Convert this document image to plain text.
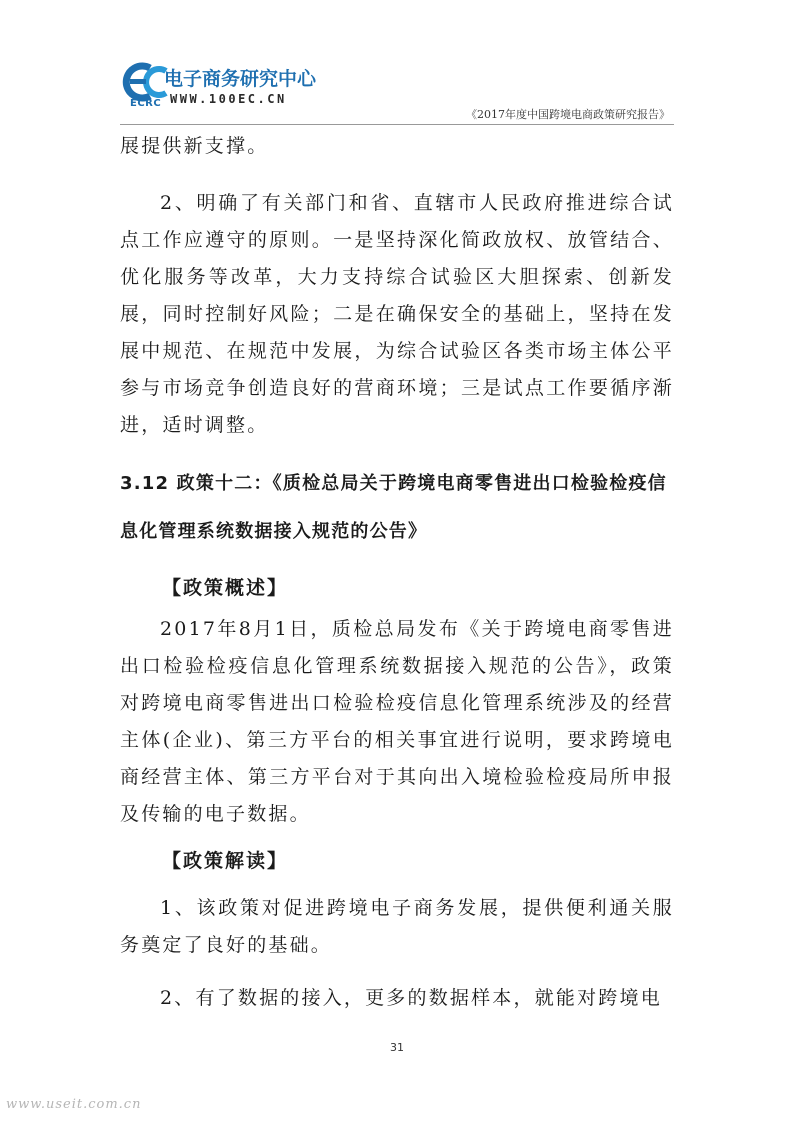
ECRC
电子商务研究中心
WWW.100EC.CN
《2017年度中国跨境电商政策研究报告》

展提供新支撑。

2、明确了有关部门和省、直辖市人民政府推进综合试点工作应遵守的原则。一是坚持深化简政放权、放管结合、优化服务等改革，大力支持综合试验区大胆探索、创新发展，同时控制好风险；二是在确保安全的基础上，坚持在发展中规范、在规范中发展，为综合试验区各类市场主体公平参与市场竞争创造良好的营商环境；三是试点工作要循序渐进，适时调整。

3.12 政策十二：《质检总局关于跨境电商零售进出口检验检疫信息化管理系统数据接入规范的公告》

【政策概述】

2017年8月1日，质检总局发布《关于跨境电商零售进出口检验检疫信息化管理系统数据接入规范的公告》，政策对跨境电商零售进出口检验检疫信息化管理系统涉及的经营主体(企业)、第三方平台的相关事宜进行说明，要求跨境电商经营主体、第三方平台对于其向出入境检验检疫局所申报及传输的电子数据。

【政策解读】

1、该政策对促进跨境电子商务发展，提供便利通关服务奠定了良好的基础。

2、有了数据的接入，更多的数据样本，就能对跨境电

31
www.useit.com.cn
